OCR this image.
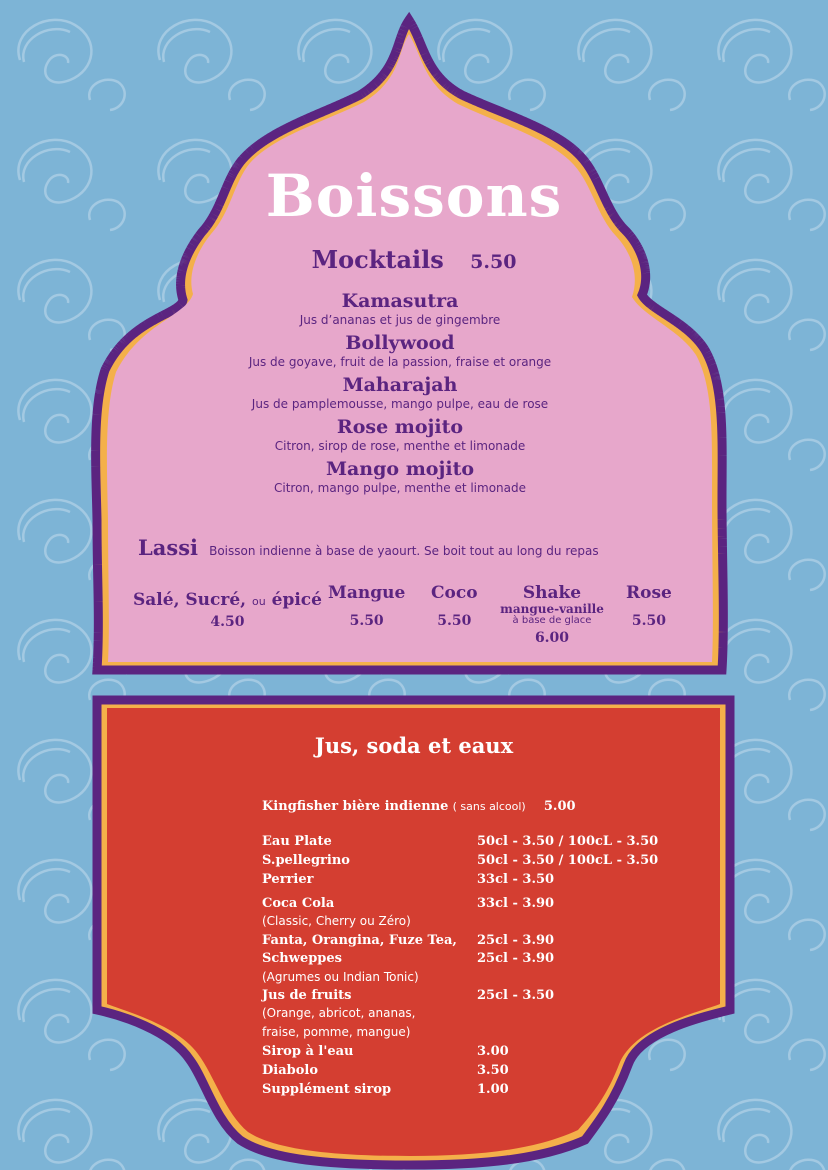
Boissons
Mocktails 5.50
Kamasutra
Jus d’ananas et jus de gingembre
Bollywood
Jus de goyave, fruit de la passion, fraise et orange
Maharajah
Jus de pamplemousse, mango pulpe, eau de rose
Rose mojito
Citron, sirop de rose, menthe et limonade
Mango mojito
Citron, mango pulpe, menthe et limonade
Lassi Boisson indienne à base de yaourt. Se boit tout au long du repas
Salé, Sucré, ou épicé
4.50
Mangue
5.50
Coco
5.50
Shake
mangue-vanille
à base de glace
6.00
Rose
5.50
Jus, soda et eaux
Kingfisher bière indienne ( sans alcool) 5.00
Eau Plate	50cl - 3.50 / 100cL - 3.50
S.pellegrino	50cl - 3.50 / 100cL - 3.50
Perrier	33cl - 3.50
Coca Cola	33cl - 3.90
(Classic, Cherry ou Zéro)
Fanta, Orangina, Fuze Tea, 25cl - 3.90
Schweppes	25cl - 3.90
(Agrumes ou Indian Tonic)
Jus de fruits	25cl - 3.50
(Orange, abricot, ananas,
fraise, pomme, mangue)
Sirop à l'eau	3.00
Diabolo	3.50
Supplément sirop	1.00
